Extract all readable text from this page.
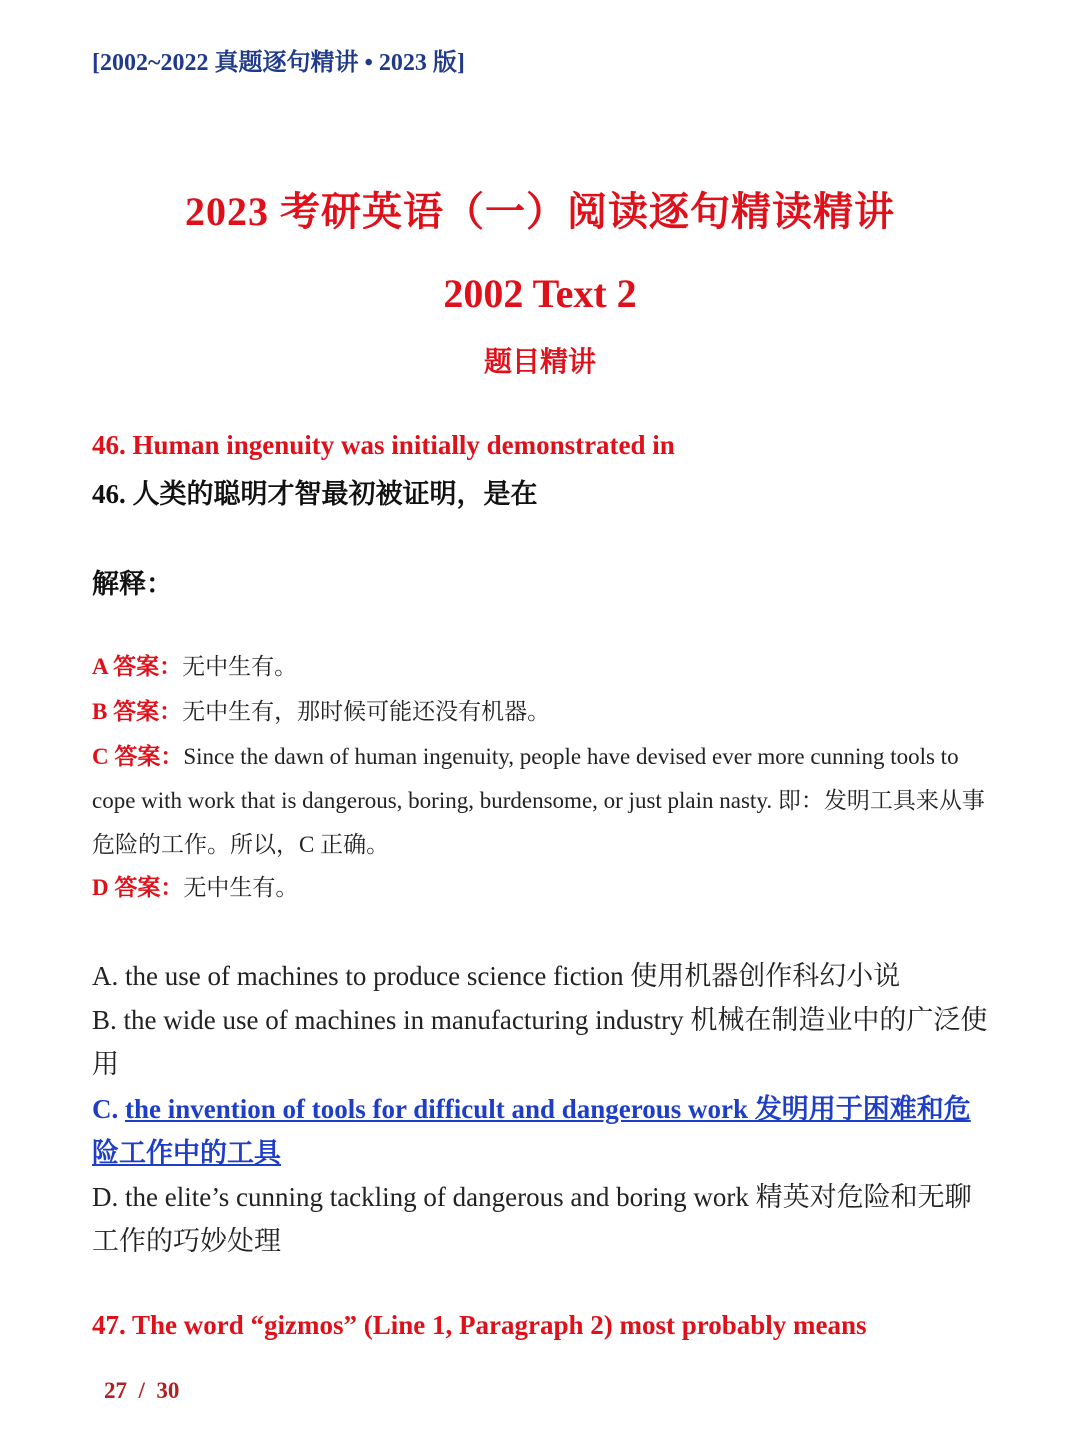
[2002~2022 真题逐句精讲 • 2023 版]
2023 考研英语（一）阅读逐句精读精讲
2002 Text 2
题目精讲
46. Human ingenuity was initially demonstrated in
46. 人类的聪明才智最初被证明，是在
解释：
A 答案：无中生有。
B 答案：无中生有，那时候可能还没有机器。
C 答案：Since the dawn of human ingenuity, people have devised ever more cunning tools to cope with work that is dangerous, boring, burdensome, or just plain nasty. 即：发明工具来从事危险的工作。所以，C 正确。
D 答案：无中生有。
A. the use of machines to produce science fiction 使用机器创作科幻小说
B. the wide use of machines in manufacturing industry 机械在制造业中的广泛使用
C. the invention of tools for difficult and dangerous work 发明用于困难和危险工作中的工具
D. the elite’s cunning tackling of dangerous and boring work 精英对危险和无聊工作的巧妙处理
47. The word “gizmos” (Line 1, Paragraph 2) most probably means
27  /  30
